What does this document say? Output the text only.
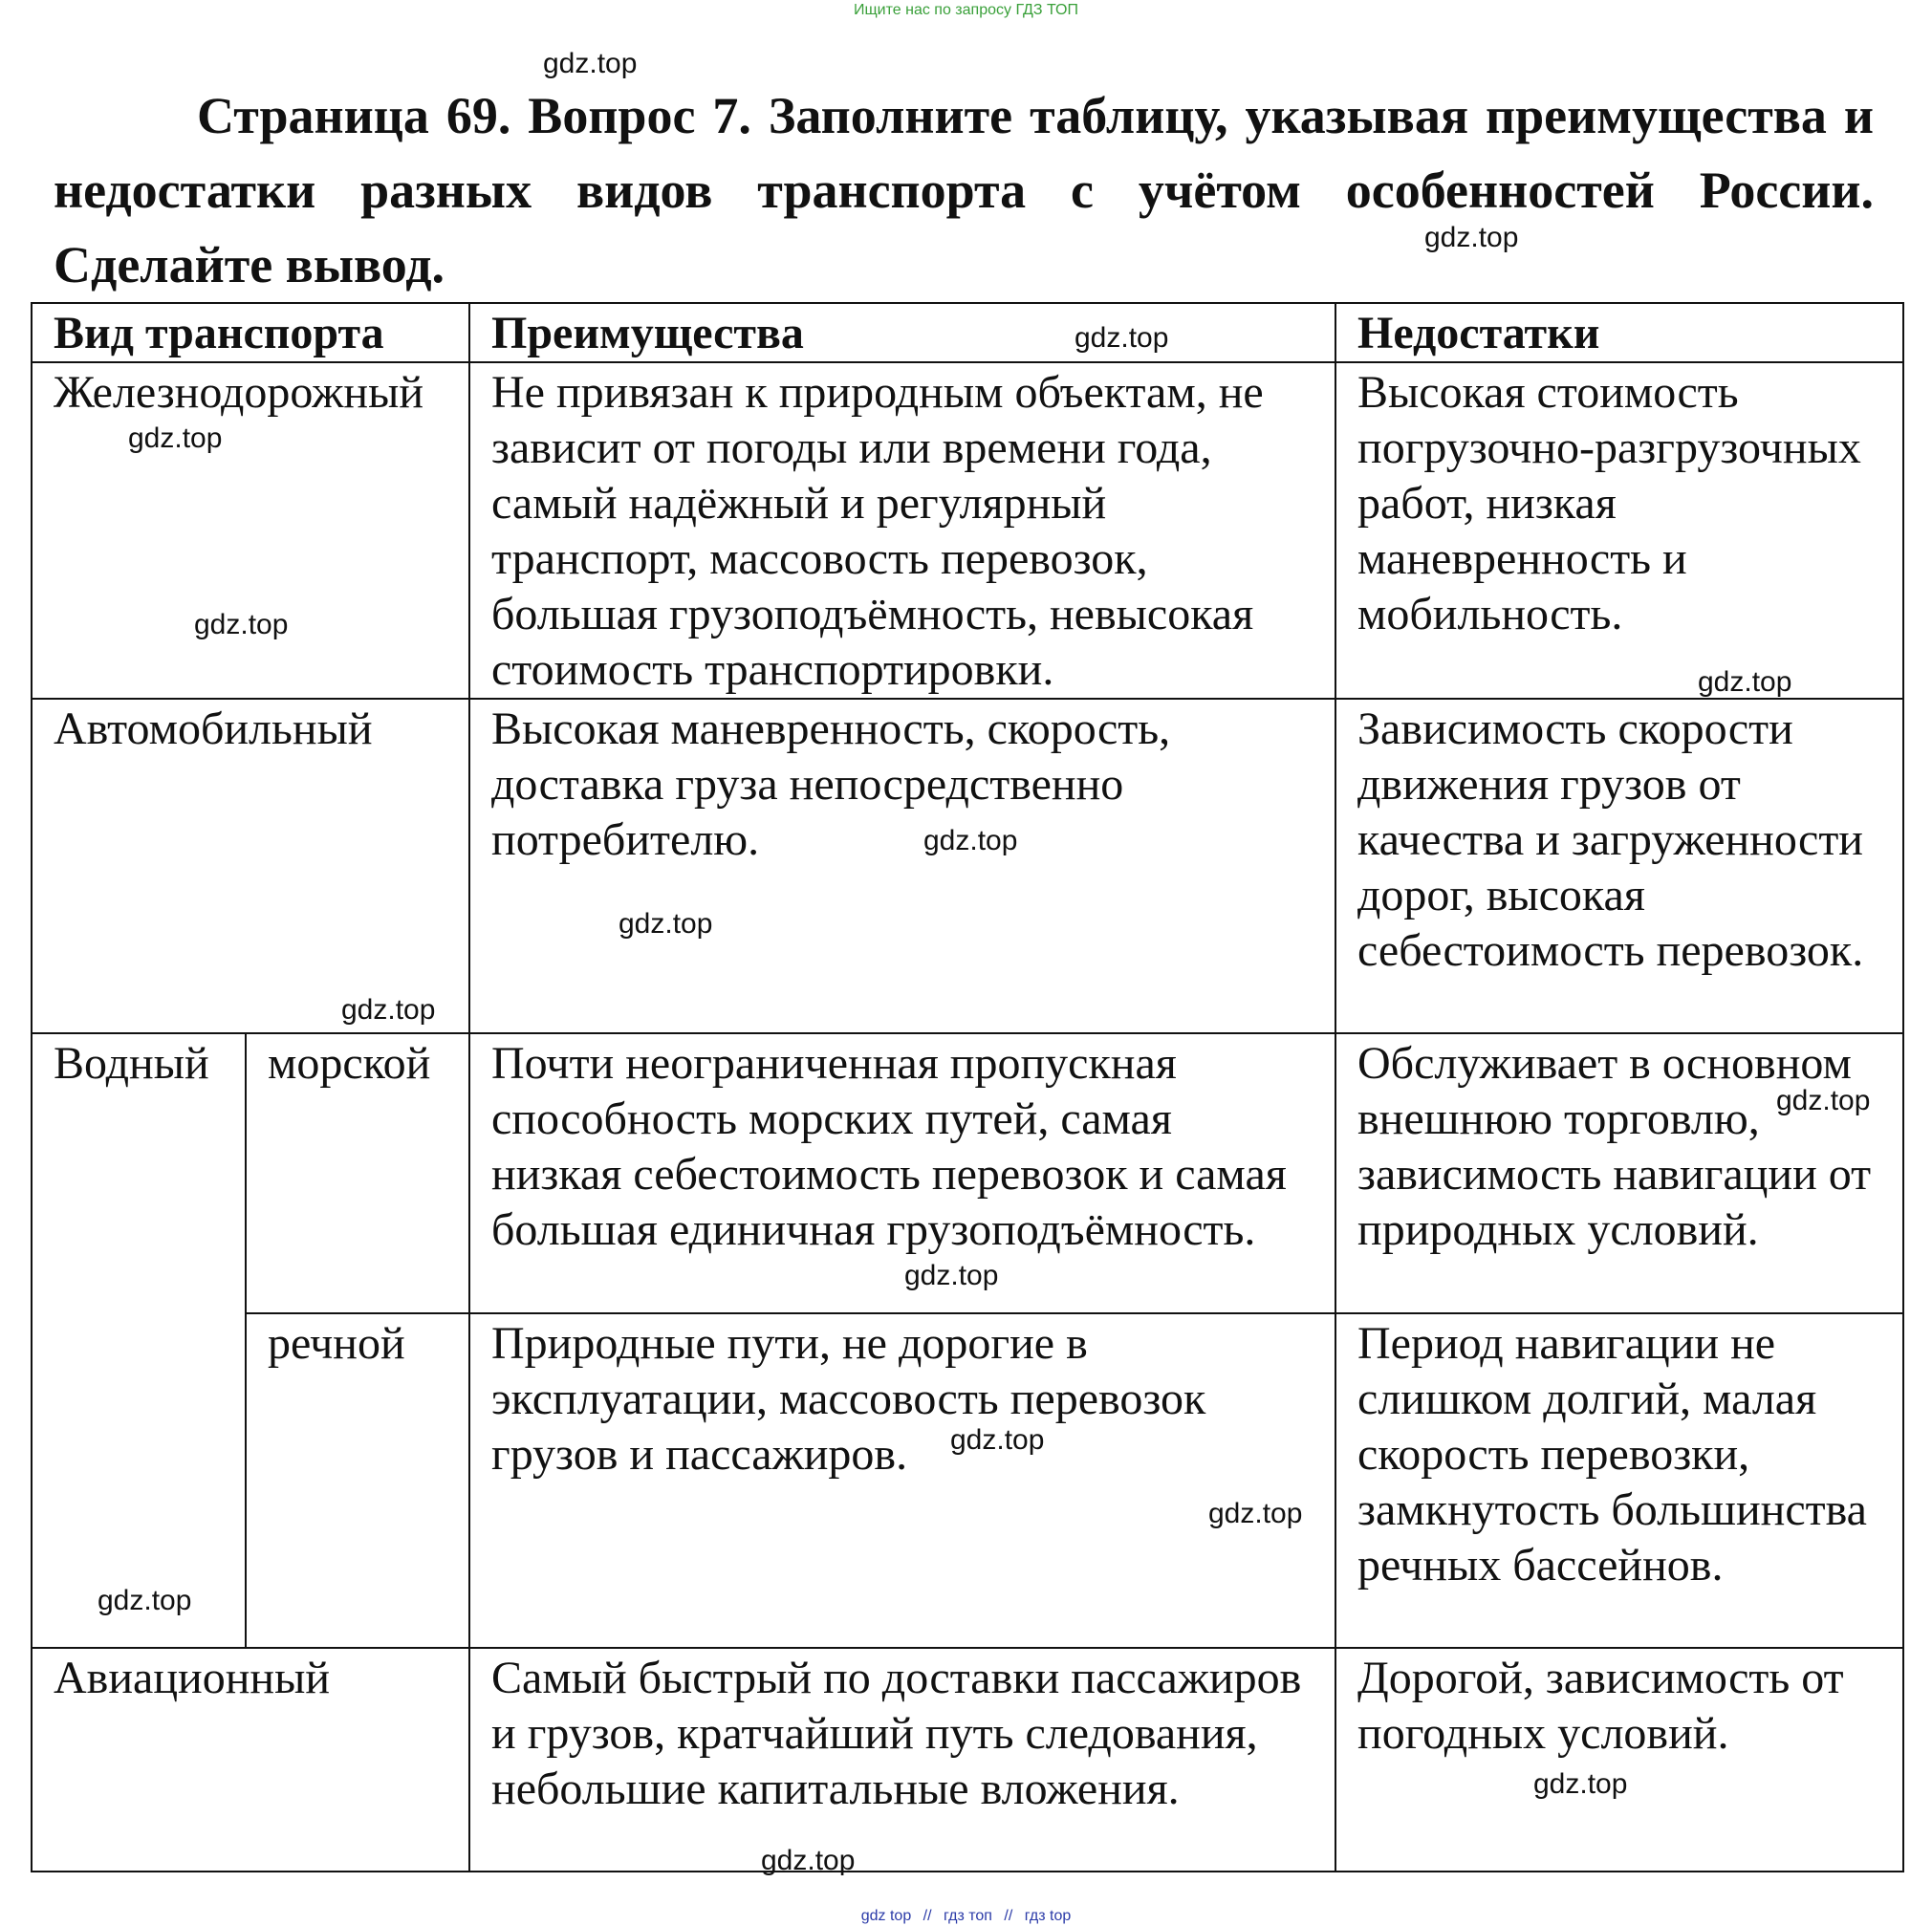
Ищите нас по запросу ГДЗ ТОП
Страница 69. Вопрос 7. Заполните таблицу, указывая преимущества и недостатки разных видов транспорта с учётом особенностей России. Сделайте вывод.
Вид транспорта		Преимущества	Недостатки
Железнодорожный		Не привязан к природным объектам, не зависит от погоды или времени года, самый надёжный и регулярный транспорт, массовость перевозок, большая грузоподъёмность, невысокая стоимость транспортировки.	Высокая стоимость погрузочно-разгрузочных работ, низкая маневренность и мобильность.
Автомобильный		Высокая маневренность, скорость, доставка груза непосредственно потребителю.	Зависимость скорости движения грузов от качества и загруженности дорог, высокая себестоимость перевозок.
Водный	морской	Почти неограниченная пропускная способность морских путей, самая низкая себестоимость перевозок и самая большая единичная грузоподъёмность.	Обслуживает в основном внешнюю торговлю, зависимость навигации от природных условий.
	речной	Природные пути, не дорогие в эксплуатации, массовость перевозок грузов и пассажиров.	Период навигации не слишком долгий, малая скорость перевозки, замкнутость большинства речных бассейнов.
Авиационный		Самый быстрый по доставки пассажиров и грузов, кратчайший путь следования, небольшие капитальные вложения.	Дорогой, зависимость от погодных условий.
gdz.top
gdz.top
gdz.top
gdz.top
gdz.top
gdz.top
gdz.top
gdz.top
gdz.top
gdz.top
gdz.top
gdz.top
gdz.top
gdz.top
gdz.top
gdz.top
gdz top // гдз топ // гдз top
